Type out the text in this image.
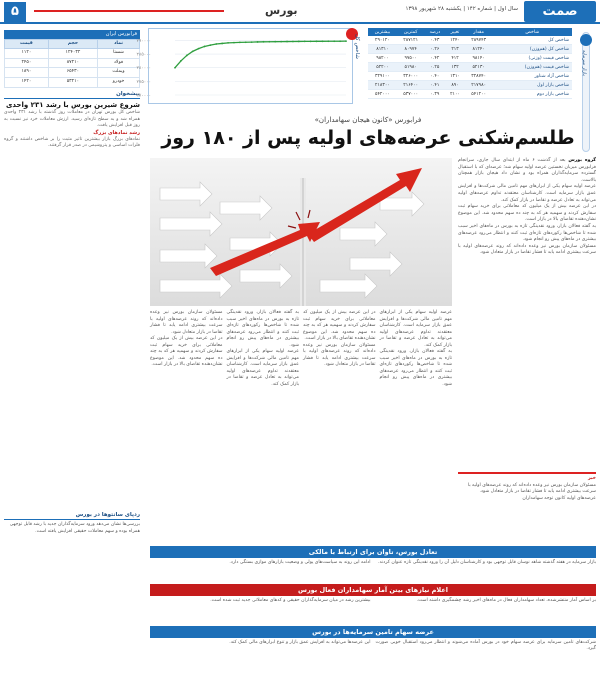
۵	بورس	سال اول | شماره ۱۴۲ | یکشنبه ۲۸ شهریور ۱۳۹۸	صمت
فرابورس ایران
نماد	حجم	قیمت
شستا	۱۲۴۰۳۲	۱۱۲۰
فولاد	۸۷۲۱۰	۲۴۵۰
وبملت	۶۵۴۳۰	۱۸۹۰
خودرو	۵۳۲۱۰	۱۴۲۰
پیشخوان
شروع شیرین بورس با رشد ۲۳۱ واحدی

شاخص کل بورس تهران در معاملات روز گذشته با رشد ۲۳۱ واحدی همراه شد و به سطح تازه‌ای رسید. ارزش معاملات خرد نیز نسبت به روز قبل افزایش یافت.

رشد نمادهای بزرگ

نمادهای بزرگ بازار بیشترین تاثیر مثبت را بر شاخص داشتند و گروه فلزات اساسی و پتروشیمی در صدر قرار گرفتند.

ردپای سانتوها در بورس

بررسی‌ها نشان می‌دهد ورود سرمایه‌گذاران جدید با رشد قابل توجهی همراه بوده و سهم معاملات حقیقی افزایش یافته است.

۲۹۰۰۰۰
۲۸۵۰۰۰
۲۸۰۰۰۰
۲۷۵۰۰۰
۲۷۰۰۰۰
شاخص کل
شاخص	مقدار	تغییر	درصد	کمترین	بیشترین
شاخص کل	۲۸۹۷۴۳	۱۲۴۰	۰.۴۳	۲۸۷۱۲۱	۲۹۰۱۲۰
شاخص کل (هم‌وزن)	۸۱۲۴۰	۲۱۳	۰.۲۶	۸۰۹۷۴	۸۱۳۱۰
شاخص قیمت (وزنی)	۹۸۱۴۰	۴۱۲	۰.۴۲	۹۷۵۰۰	۹۸۲۰۰
شاخص قیمت (هم‌وزن)	۵۲۱۳۰	۱۳۲	۰.۲۵	۵۱۹۸۰	۵۲۲۰۰
شاخص آزاد شناور	۳۲۸۷۴۰	۱۳۱۰	۰.۴۰	۳۲۶۰۰۰	۳۲۹۱۰۰
شاخص بازار اول	۲۱۷۹۸۰	۸۹۰	۰.۴۱	۲۱۶۴۰۰	۲۱۸۳۰۰
شاخص بازار دوم	۵۴۱۲۰۰	۲۱۰۰	۰.۳۹	۵۳۷۰۰۰	۵۴۲۰۰۰
بازار سرمایه
فرابورس «کانون هیجان سهامداران»
طلسم‌شکنی عرضه‌های اولیه پس از ۱۸۰ روز
گروه بورس بعد از گذشت ۶ ماه از ابتدای سال جاری، سرانجام فرابورس میزبان نخستین عرضه اولیه سهام شد؛ عرضه‌ای که با استقبال گسترده سرمایه‌گذاران همراه بود و نشان داد هیجان بازار همچنان بالاست.

عرضه اولیه سهام یکی از ابزارهای مهم تامین مالی شرکت‌ها و افزایش عمق بازار سرمایه است. کارشناسان معتقدند تداوم عرضه‌های اولیه می‌تواند به تعادل عرضه و تقاضا در بازار کمک کند.

در این عرضه بیش از یک میلیون کد معاملاتی برای خرید سهام ثبت سفارش کردند و سهمیه هر کد به چند ده سهم محدود شد. این موضوع نشان‌دهنده تقاضای بالا در بازار است.

به گفته فعالان بازار، ورود نقدینگی تازه به بورس در ماه‌های اخیر سبب شده تا شاخص‌ها رکوردهای تازه‌ای ثبت کنند و انتظار می‌رود عرضه‌های بیشتری در ماه‌های پیش رو انجام شود.

مسئولان سازمان بورس نیز وعده داده‌اند که روند عرضه‌های اولیه با سرعت بیشتری ادامه یابد تا فشار تقاضا در بازار متعادل شود.

عرضه اولیه سهام یکی از ابزارهای مهم تامین مالی شرکت‌ها و افزایش عمق بازار سرمایه است. کارشناسان معتقدند تداوم عرضه‌های اولیه می‌تواند به تعادل عرضه و تقاضا در بازار کمک کند.

به گفته فعالان بازار، ورود نقدینگی تازه به بورس در ماه‌های اخیر سبب شده تا شاخص‌ها رکوردهای تازه‌ای ثبت کنند و انتظار می‌رود عرضه‌های بیشتری در ماه‌های پیش رو انجام شود.

در این عرضه بیش از یک میلیون کد معاملاتی برای خرید سهام ثبت سفارش کردند و سهمیه هر کد به چند ده سهم محدود شد. این موضوع نشان‌دهنده تقاضای بالا در بازار است.

مسئولان سازمان بورس نیز وعده داده‌اند که روند عرضه‌های اولیه با سرعت بیشتری ادامه یابد تا فشار تقاضا در بازار متعادل شود.

به گفته فعالان بازار، ورود نقدینگی تازه به بورس در ماه‌های اخیر سبب شده تا شاخص‌ها رکوردهای تازه‌ای ثبت کنند و انتظار می‌رود عرضه‌های بیشتری در ماه‌های پیش رو انجام شود.

عرضه اولیه سهام یکی از ابزارهای مهم تامین مالی شرکت‌ها و افزایش عمق بازار سرمایه است. کارشناسان معتقدند تداوم عرضه‌های اولیه می‌تواند به تعادل عرضه و تقاضا در بازار کمک کند.

مسئولان سازمان بورس نیز وعده داده‌اند که روند عرضه‌های اولیه با سرعت بیشتری ادامه یابد تا فشار تقاضا در بازار متعادل شود.

در این عرضه بیش از یک میلیون کد معاملاتی برای خرید سهام ثبت سفارش کردند و سهمیه هر کد به چند ده سهم محدود شد. این موضوع نشان‌دهنده تقاضای بالا در بازار است.

خبر

مسئولان سازمان بورس نیز وعده داده‌اند که روند عرضه‌های اولیه با سرعت بیشتری ادامه یابد تا فشار تقاضا در بازار متعادل شود.

عرضه‌های اولیه کانون توجه سهامداران

تعادل بورس، تاوان برای ارتباط با مالکی
بازار سرمایه در هفته گذشته شاهد نوسان قابل توجهی بود و کارشناسان دلیل آن را ورود نقدینگی تازه عنوان کردند.
ادامه این روند به سیاست‌های پولی و وضعیت بازارهای موازی بستگی دارد.
اعلام نیازهای بیتن آمار سهامداران فعال بورس
بر اساس آمار منتشرشده، تعداد سهامداران فعال در ماه‌های اخیر رشد چشمگیری داشته است.
بیشترین رشد در میان سرمایه‌گذاران حقیقی و کدهای معاملاتی جدید ثبت شده است.
عرضه سهام تامین سرمایه‌ها در بورس
شرکت‌های تامین سرمایه برای عرضه سهام خود در بورس آماده می‌شوند و انتظار می‌رود استقبال خوبی صورت گیرد.
این عرضه‌ها می‌تواند به افزایش عمق بازار و تنوع ابزارهای مالی کمک کند.
